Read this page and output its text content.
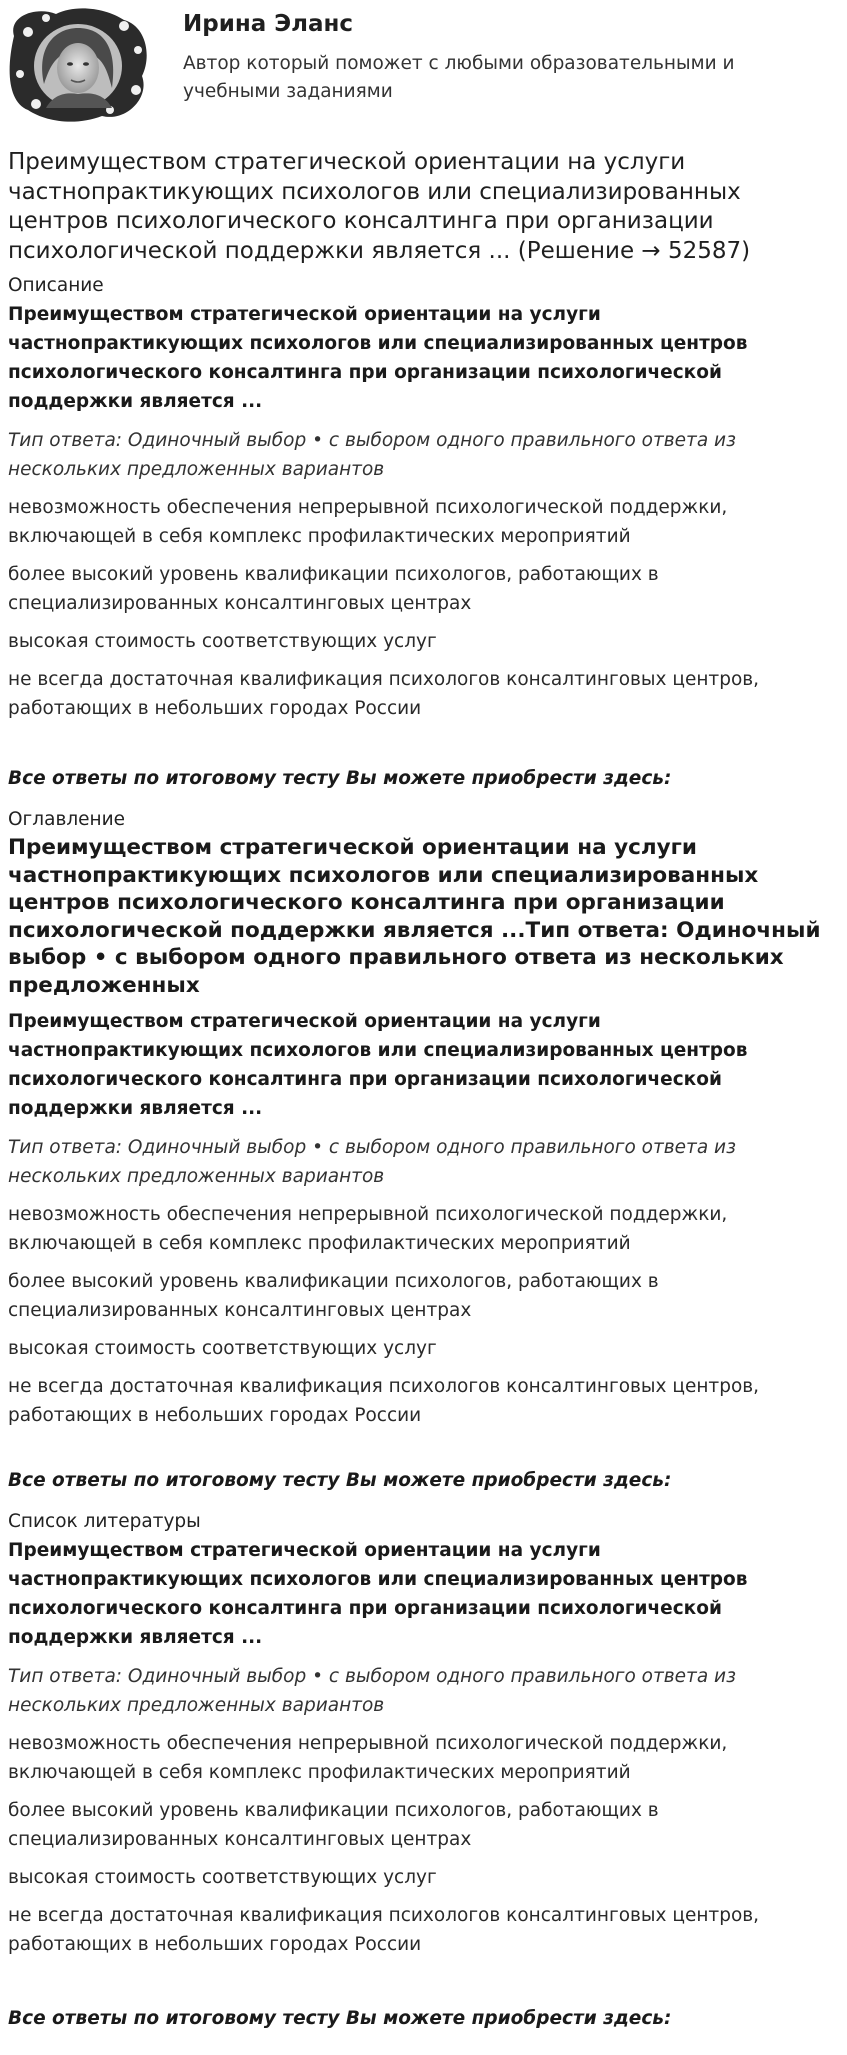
Ирина Эланс
Автор который поможет с любыми образовательными и учебными заданиями
Преимуществом стратегической ориентации на услуги частнопрактикующих психологов или специализированных центров психологического консалтинга при организации психологической поддержки является ... (Решение → 52587)

Описание

Преимуществом стратегической ориентации на услуги частнопрактикующих психологов или специализированных центров психологического консалтинга при организации психологической поддержки является ...

Тип ответа: Одиночный выбор • с выбором одного правильного ответа из нескольких предложенных вариантов

невозможность обеспечения непрерывной психологической поддержки, включающей в себя комплекс профилактических мероприятий

более высокий уровень квалификации психологов, работающих в специализированных консалтинговых центрах

высокая стоимость соответствующих услуг

не всегда достаточная квалификация психологов консалтинговых центров, работающих в небольших городах России

Все ответы по итоговому тесту Вы можете приобрести здесь:

Оглавление

Преимуществом стратегической ориентации на услуги частнопрактикующих психологов или специализированных центров психологического консалтинга при организации психологической поддержки является ...Тип ответа: Одиночный выбор • с выбором одного правильного ответа из нескольких предложенных

Преимуществом стратегической ориентации на услуги частнопрактикующих психологов или специализированных центров психологического консалтинга при организации психологической поддержки является ...

Тип ответа: Одиночный выбор • с выбором одного правильного ответа из нескольких предложенных вариантов

невозможность обеспечения непрерывной психологической поддержки, включающей в себя комплекс профилактических мероприятий

более высокий уровень квалификации психологов, работающих в специализированных консалтинговых центрах

высокая стоимость соответствующих услуг

не всегда достаточная квалификация психологов консалтинговых центров, работающих в небольших городах России

Все ответы по итоговому тесту Вы можете приобрести здесь:

Список литературы

Преимуществом стратегической ориентации на услуги частнопрактикующих психологов или специализированных центров психологического консалтинга при организации психологической поддержки является ...

Тип ответа: Одиночный выбор • с выбором одного правильного ответа из нескольких предложенных вариантов

невозможность обеспечения непрерывной психологической поддержки, включающей в себя комплекс профилактических мероприятий

более высокий уровень квалификации психологов, работающих в специализированных консалтинговых центрах

высокая стоимость соответствующих услуг

не всегда достаточная квалификация психологов консалтинговых центров, работающих в небольших городах России

Все ответы по итоговому тесту Вы можете приобрести здесь:
